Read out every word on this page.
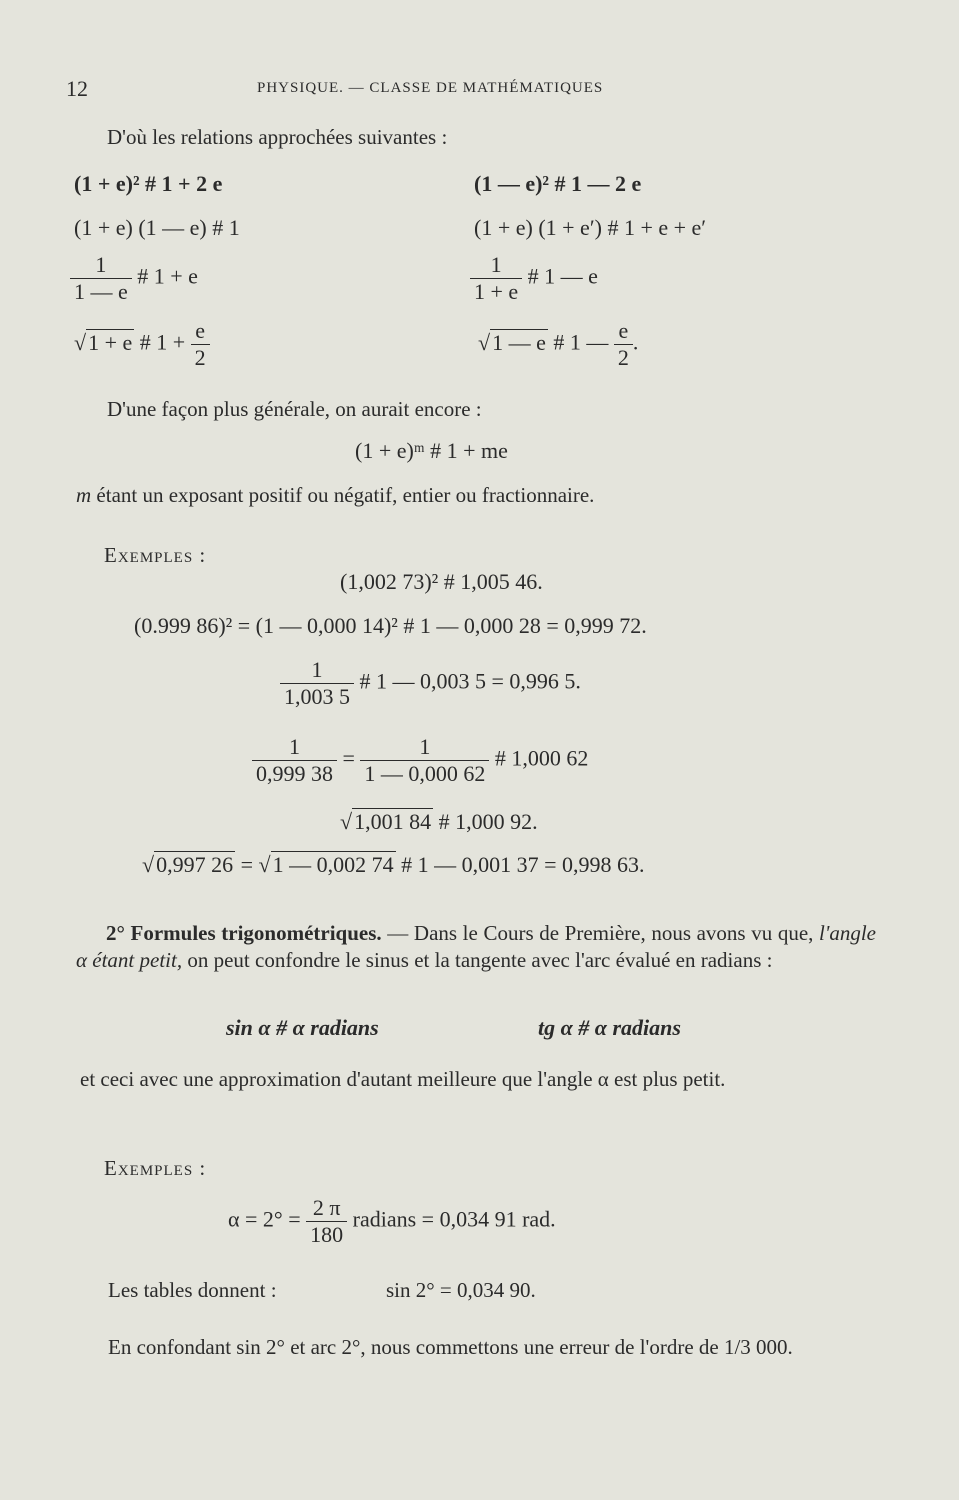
12	PHYSIQUE. — CLASSE DE MATHÉMATIQUES
D'où les relations approchées suivantes :
(1 + e)² # 1 + 2 e	(1 — e)² # 1 — 2 e
(1 + e) (1 — e) # 1	(1 + e) (1 + e′) # 1 + e + e′
$\frac{1}{1 — e}$ # 1 + e	$\frac{1}{1 + e}$ # 1 — e
√1 + e # $1 + \frac{e}{2}$	√1 — e # 1 — $\frac{e}{2}$ .
D'une façon plus générale, on aurait encore :
(1 + e)ᵐ # 1 + me
m étant un exposant positif ou négatif, entier ou fractionnaire.
Exemples :
(1,002 73)² # 1,005 46.
(0.999 86)² = (1 — 0,000 14)² # 1 — 0,000 28 = 0,999 72.
$\frac{1}{1,003 5}$ # 1 — 0,003 5 = 0,996 5.
$\frac{1}{0,999 38} = \frac{1}{1 — 0,000 62}$ # 1,000 62
√1,001 84 # 1,000 92.
√0,997 26 = √1 — 0,002 74 # 1 — 0,001 37 = 0,998 63.
2° Formules trigonométriques. — Dans le Cours de Première, nous avons vu que, l'angle α étant petit, on peut confondre le sinus et la tangente avec l'arc évalué en radians :
sin α # α radians	tg α # α radians
et ceci avec une approximation d'autant meilleure que l'angle α est plus petit.
Exemples :
$\alpha = 2^\circ = \frac{2 \pi}{180}$ radians = 0,034 91 rad.
Les tables donnent :	sin 2° = 0,034 90.
En confondant sin 2° et arc 2°, nous commettons une erreur de l'ordre de 1/3 000.
